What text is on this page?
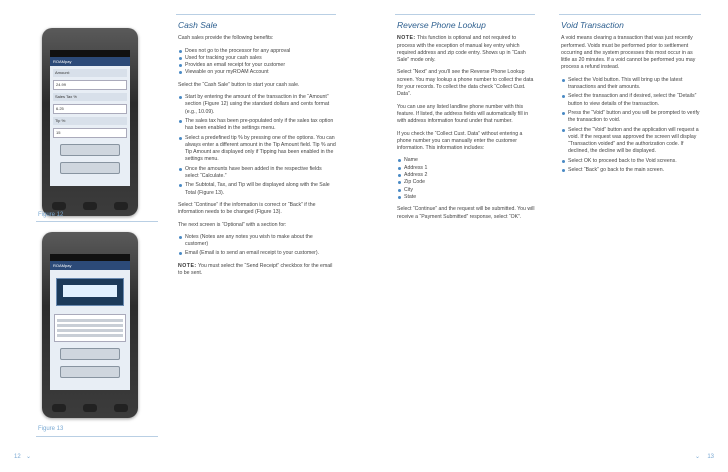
ROAMpay
Amount:
24.99
Sales Tax %
6.25
Tip %:
15
Figure 12
ROAMpay
Figure 13
Cash Sale

Cash sales provide the following benefits:

Does not go to the processor for any approval
Used for tracking your cash sales
Provides an email receipt for your customer
Viewable on your myROAM Account

Select the “Cash Sale” button to start your cash sale.

Start by entering the amount of the transaction in the “Amount” section (Figure 12) using the standard dollars and cents format (e.g., 10.09).
The sales tax has been pre-populated only if the sales tax option has been enabled in the settings menu.
Select a predefined tip % by pressing one of the options. You can always enter a different amount in the Tip Amount field. Tip % and Tip Amount are displayed only if Tipping has been enabled in the settings menu.
Once the amounts have been added in the respective fields select “Calculate.”
The Subtotal, Tax, and Tip will be displayed along with the Sale Total (Figure 13).

Select “Continue” if the information is correct or “Back” if the information needs to be changed (Figure 13).

The next screen is “Optional” with a section for:

Notes (Notes are any notes you wish to make about the customer)
Email (Email is to send an email receipt to your customer).

NOTE: You must select the “Send Receipt” checkbox for the email to be sent.

Reverse Phone Lookup

NOTE: This function is optional and not required to process with the exception of manual key entry which required address and zip code entry. Shows up in “Cash Sale” mode only.

Select “Next” and you’ll see the Reverse Phone Lookup screen. You may lookup a phone number to collect the data for your records. To collect the data check “Collect Cust. Data”.

You can use any listed landline phone number with this feature. If listed, the address fields will automatically fill in with address information found under that number.

If you check the “Collect Cust. Data” without entering a phone number you can manually enter the customer information. This information includes:

Name
Address 1
Address 2
Zip Code
City
State

Select “Continue” and the request will be submitted. You will receive a “Payment Submitted” response, select “OK”.

Void Transaction

A void means clearing a transaction that was just recently performed. Voids must be performed prior to settlement occurring and the system processes this most occur in as little as 20 minutes. If a void cannot be performed you may process a refund instead.

Select the Void button. This will bring up the latest transactions and their amounts.
Select the transaction and if desired, select the “Details” button to view details of the transaction.
Press the “Void” button and you will be prompted to verify the transaction to void.
Select the “Void” button and the application will request a void. If the request was approved the screen will display “Transaction voided” and the authorization code. If declined, the decline will be displayed.
Select OK to proceed back to the Void screens.
Select “Back” go back to the main screen.
12 ⌄	13
⌄
